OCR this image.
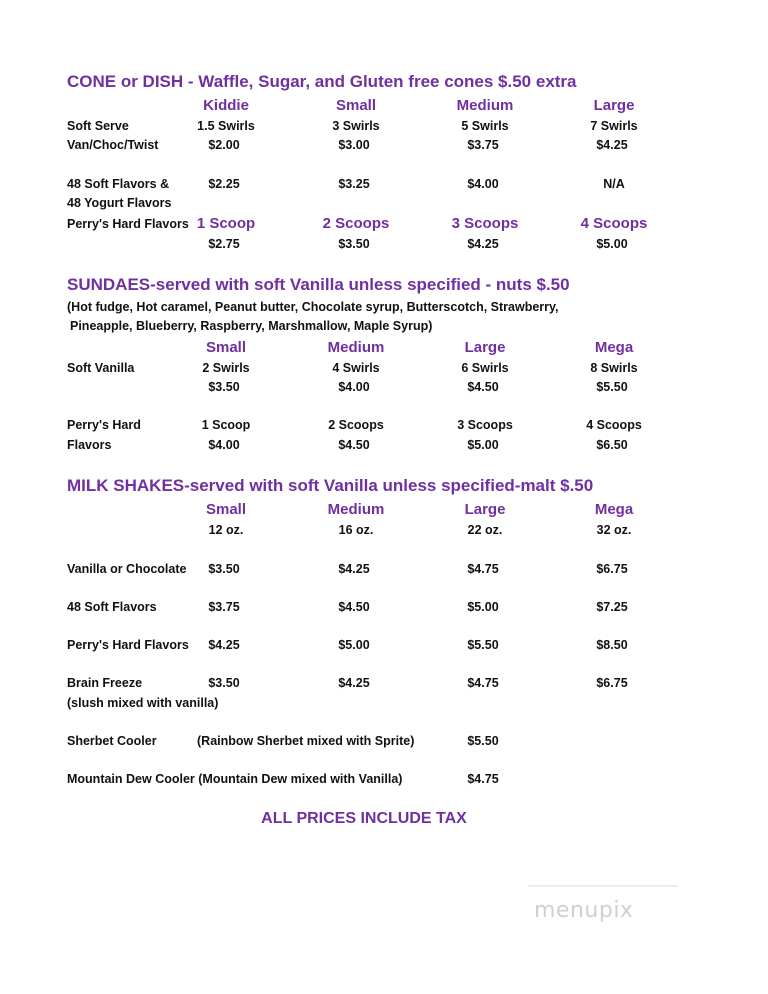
CONE or DISH - Waffle, Sugar, and Gluten free cones $.50 extra
Kiddie	Small	Medium	Large
Soft Serve	1.5 Swirls	3 Swirls	5 Swirls	7 Swirls
Van/Choc/Twist	$2.00	$3.00	$3.75	$4.25
48 Soft Flavors &	$2.25	$3.25	$4.00	N/A
48 Yogurt Flavors
Perry's Hard Flavors 1 Scoop	2 Scoops	3 Scoops	4 Scoops
$2.75	$3.50	$4.25	$5.00
SUNDAES-served with soft Vanilla unless specified - nuts $.50
(Hot fudge, Hot caramel, Peanut butter, Chocolate syrup, Butterscotch, Strawberry,
Pineapple, Blueberry, Raspberry, Marshmallow, Maple Syrup)
Small	Medium	Large	Mega
Soft Vanilla	2 Swirls	4 Swirls	6 Swirls	8 Swirls
$3.50	$4.00	$4.50	$5.50
Perry's Hard	1 Scoop	2 Scoops	3 Scoops	4 Scoops
Flavors	$4.00	$4.50	$5.00	$6.50
MILK SHAKES-served with soft Vanilla unless specified-malt $.50
Small	Medium	Large	Mega
12 oz.	16 oz.	22 oz.	32 oz.
Vanilla or Chocolate $3.50	$4.25	$4.75	$6.75
48 Soft Flavors	$3.75	$4.50	$5.00	$7.25
Perry's Hard Flavors $4.25	$5.00	$5.50	$8.50
Brain Freeze	$3.50	$4.25	$4.75	$6.75
(slush mixed with vanilla)
Sherbet Cooler	(Rainbow Sherbet mixed with Sprite)	$5.50
Mountain Dew Cooler (Mountain Dew mixed with Vanilla)	$4.75
ALL PRICES INCLUDE TAX
menupix
